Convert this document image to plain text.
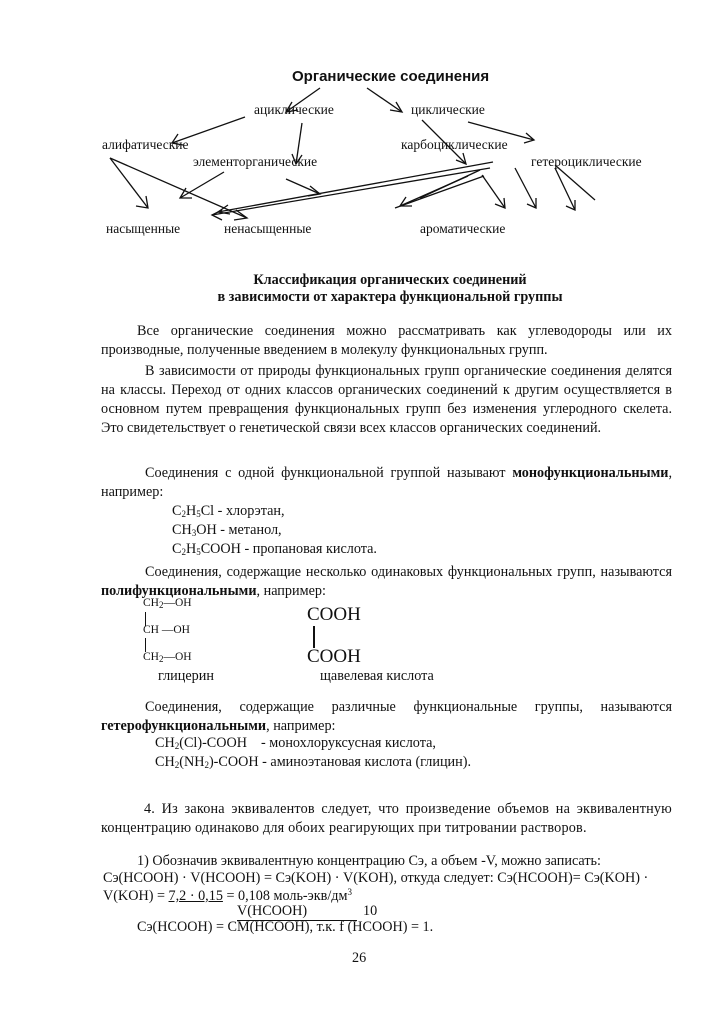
Органические соединения
ациклические	циклические
алифатические
элементорганические
карбоциклические
гетероциклические
насыщенные	ненасыщенные	ароматические
Классификация органических соединений
в зависимости от характера функциональной группы
Все органические соединения можно рассматривать как углеводороды или их производные, полученные введением в молекулу функциональных групп.
В зависимости от природы функциональных групп органические соединения делятся на классы. Переход от одних классов органических соединений к другим осуществляется в основном путем превращения функциональных групп без изменения углеродного скелета. Это свидетельствует о генетической связи всех классов органических соединений.
Соединения с одной функциональной группой называют монофункциональными, например:
$C_2H_5Cl$ - хлорэтан,
$CH_3OH$ - метанол,
$C_2H_5COOH$ - пропановая кислота.
Соединения, содержащие несколько одинаковых функциональных групп, называются полифункциональными, например:
$CH_2—OH$
CH —OH
$CH_2—OH$
глицерин
COOH
COOH
щавелевая кислота
Соединения, содержащие различные функциональные группы, называются гетерофункциональными, например:
$CH_2(Cl)$-COOH - монохлоруксусная кислота,
$CH_2(NH_2)$-COOH - аминоэтановая кислота (глицин).
4. Из закона эквивалентов следует, что произведение объемов на эквивалентную концентрацию одинаково для обоих реагирующих при титровании растворов.
1) Обозначив эквивалентную концентрацию Cэ, а объем -V, можно записать:
Cэ(HCOOH) · V(HCOOH) = Cэ(KOH) · V(KOH), откуда следует: Cэ(HCOOH)= Cэ(KOH) ·
V(KOH) = 7,2 · 0,15 = 0,108 моль-$экв/дм^3$
V(HCOOH)	10
Cэ(HCOOH) = CM(HCOOH), т.к. f (HCOOH) = 1.
26
